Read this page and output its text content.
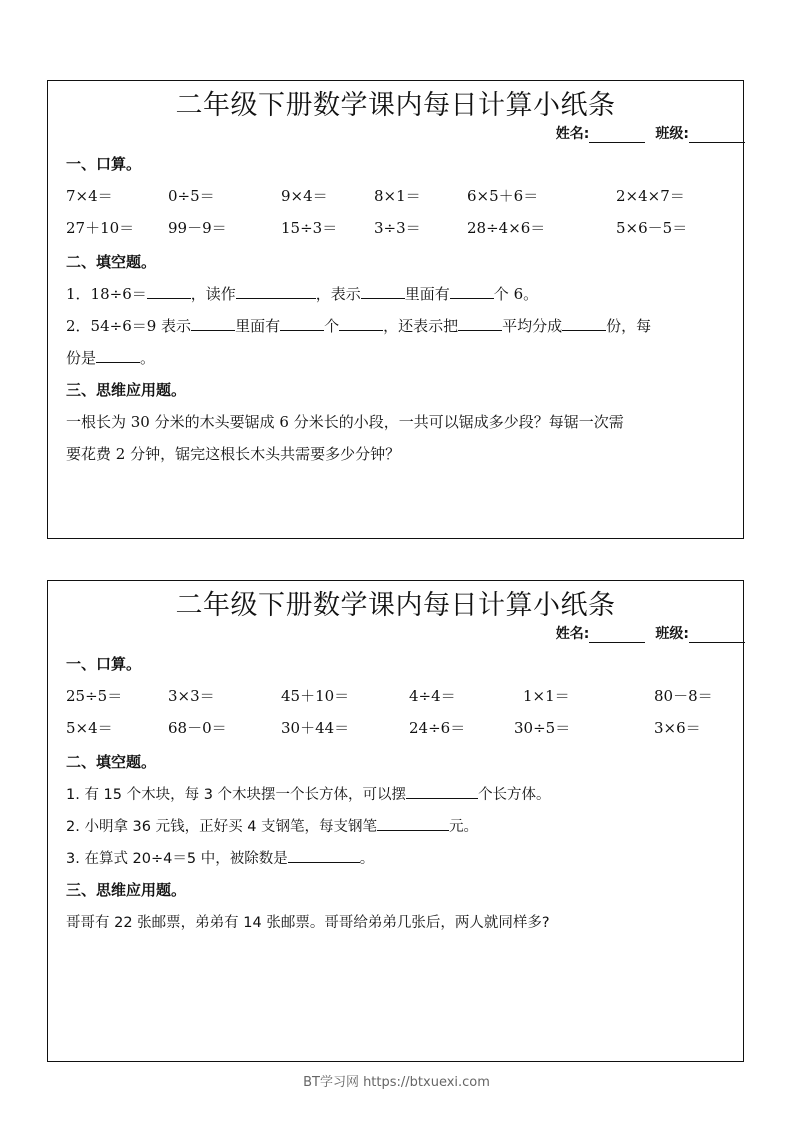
二年级下册数学课内每日计算小纸条
姓名:	班级:
一、口算。
7×4＝	0÷5＝	9×4＝	8×1＝	6×5＋6＝	2×4×7＝
27＋10＝ 99－9＝	15÷3＝ 3÷3＝	28÷4×6＝	5×6－5＝
二、填空题。
1．18÷6＝	，读作	，表示	里面有	个 6。
2．54÷6＝9 表示	里面有	个	，还表示把	平均分成	份，每
份是	。
三、思维应用题。
一根长为 30 分米的木头要锯成 6 分米长的小段，一共可以锯成多少段？每锯一次需
要花费 2 分钟，锯完这根长木头共需要多少分钟？
二年级下册数学课内每日计算小纸条
姓名:	班级:
一、口算。
25÷5＝	3×3＝	45＋10＝	4÷4＝	1×1＝	80－8＝
5×4＝	68－0＝	30＋44＝	24÷6＝	30÷5＝	3×6＝
二、填空题。
1. 有 15 个木块，每 3 个木块摆一个长方体，可以摆	个长方体。
2. 小明拿 36 元钱，正好买 4 支钢笔，每支钢笔	元。
3. 在算式 20÷4＝5 中，被除数是	。
三、思维应用题。
哥哥有 22 张邮票，弟弟有 14 张邮票。哥哥给弟弟几张后，两人就同样多?
BT学习网 https://btxuexi.com
